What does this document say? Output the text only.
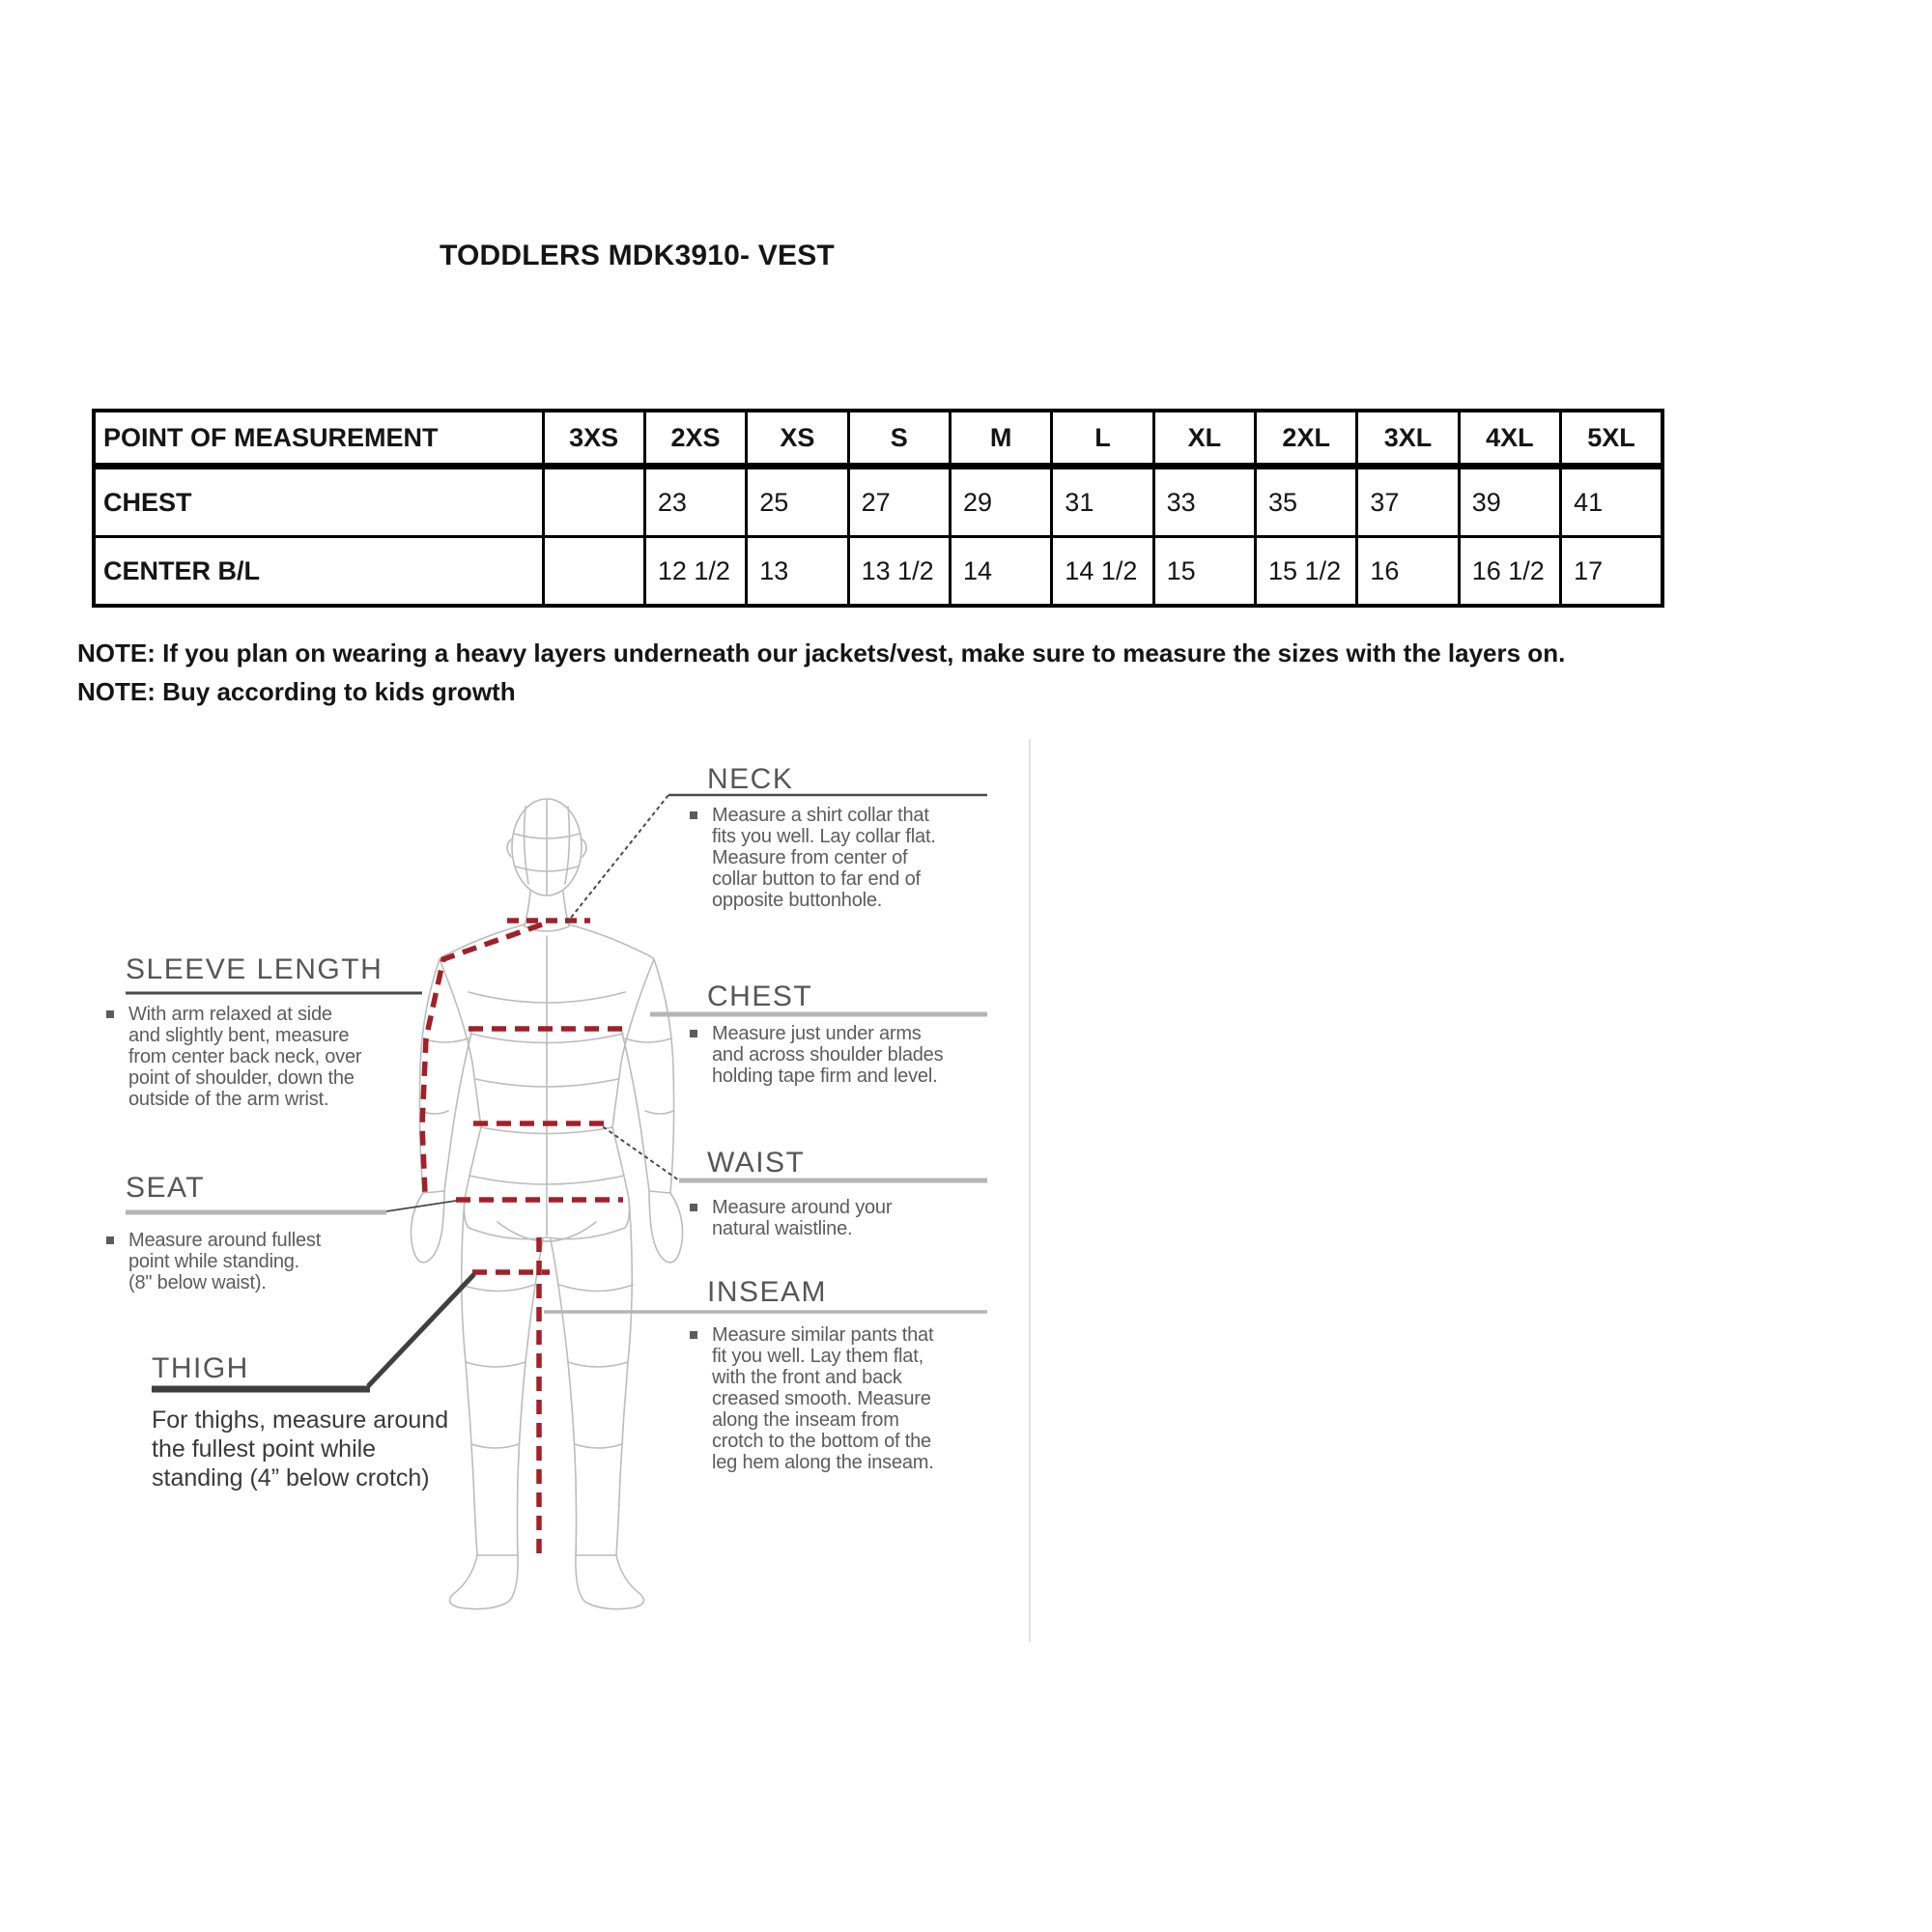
TODDLERS MDK3910- VEST
POINT OF MEASUREMENT	3XS	2XS	XS	S	M	L	XL	2XL	3XL	4XL	5XL
CHEST		23	25	27	29	31	33	35	37	39	41
CENTER B/L		12 1/2	13	13 1/2	14	14 1/2	15	15 1/2	16	16 1/2	17
NOTE: If you plan on wearing a heavy layers underneath our jackets/vest, make sure to measure the sizes with the layers on.
NOTE: Buy according to kids growth
NECK
SLEEVE LENGTH
CHEST
SEAT
WAIST
THIGH
INSEAM
Measure a shirt collar that
fits you well. Lay collar flat.
Measure from center of
collar button to far end of
opposite buttonhole.
With arm relaxed at side
and slightly bent, measure
from center back neck, over
point of shoulder, down the
outside of the arm wrist.
Measure just under arms
and across shoulder blades
holding tape firm and level.
Measure around fullest
point while standing.
(8" below waist).
Measure around your
natural waistline.
For thighs, measure around
the fullest point while
standing (4” below crotch)
Measure similar pants that
fit you well. Lay them flat,
with the front and back
creased smooth. Measure
along the inseam from
crotch to the bottom of the
leg hem along the inseam.
